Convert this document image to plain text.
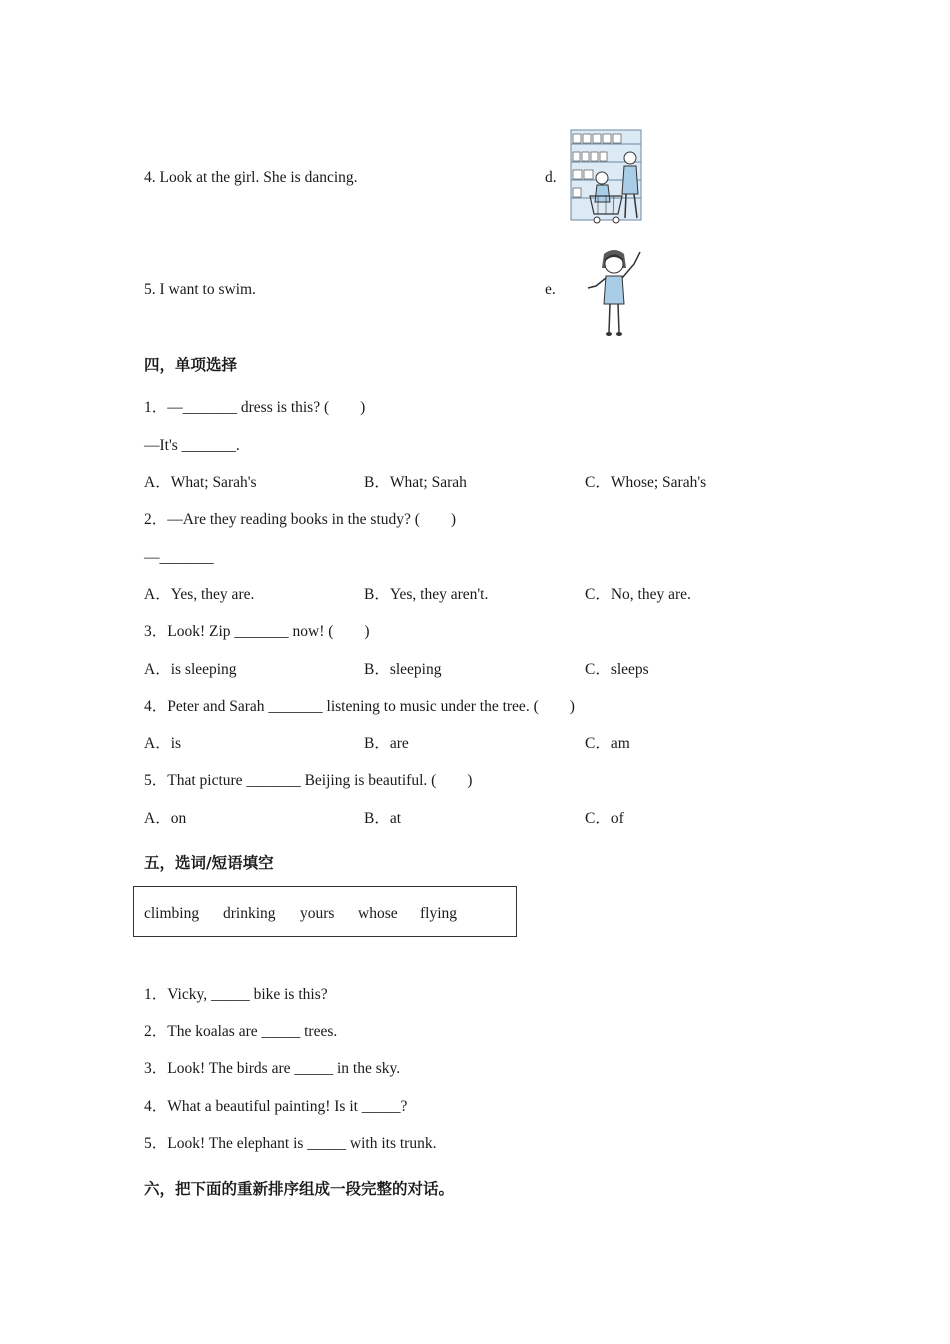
4. Look at the girl. She is dancing.	d.
5. I want to swim.	e.
四，单项选择
1．—_______ dress is this? (　　)
—It's _______.
A．What; Sarah's	B．What; Sarah	C．Whose; Sarah's
2．—Are they reading books in the study? (　　)
—_______
A．Yes, they are.	B．Yes, they aren't.	C．No, they are.
3．Look! Zip _______ now! (　　)
A．is sleeping	B．sleeping	C．sleeps
4．Peter and Sarah _______ listening to music under the tree. (　　)
A．is	B．are	C．am
5．That picture _______ Beijing is beautiful. (　　)
A．on	B．at	C．of
五，选词/短语填空
climbing drinking yours whose flying
1．Vicky, _____ bike is this?
2．The koalas are _____ trees.
3．Look! The birds are _____ in the sky.
4．What a beautiful painting! Is it _____?
5．Look! The elephant is _____ with its trunk.
六，把下面的重新排序组成一段完整的对话。
